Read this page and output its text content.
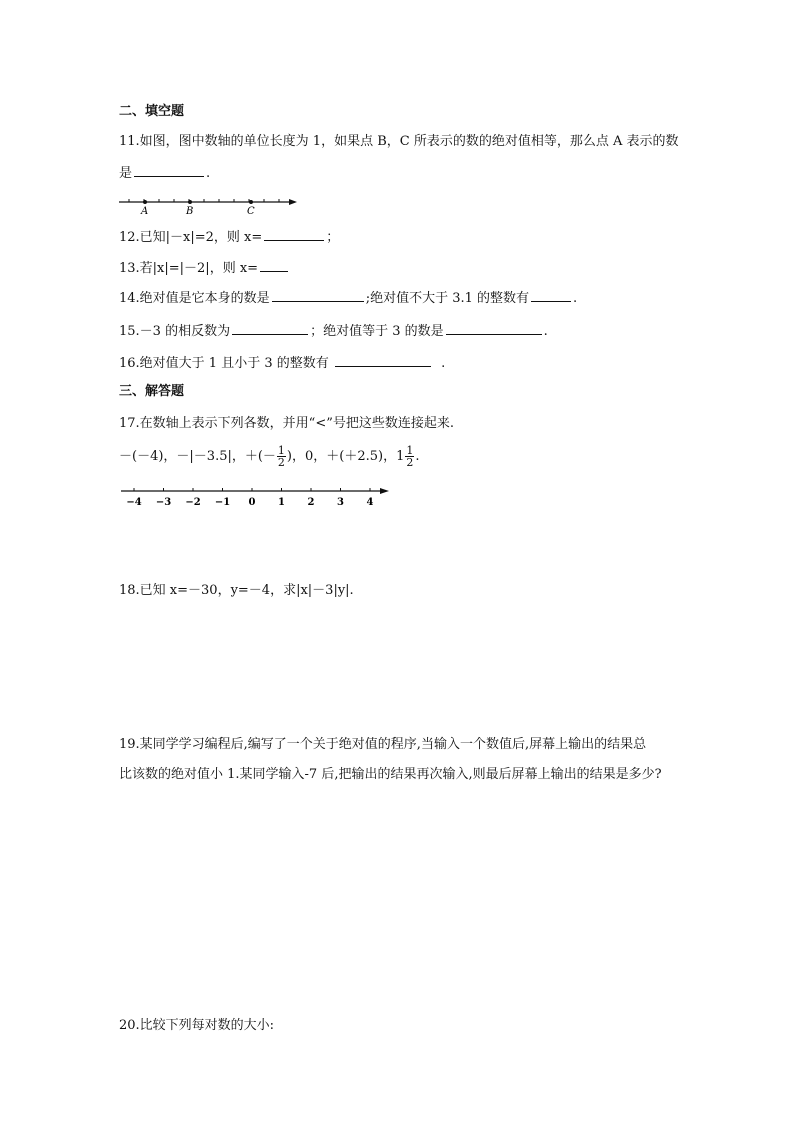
二、填空题
11.如图，图中数轴的单位长度为 1，如果点 B，C 所表示的数的绝对值相等，那么点 A 表示的数
是	.
A	B	C
12.已知|－x|=2，则 x=	；
13.若|x|=|－2|，则 x=
14.绝对值是它本身的数是	;绝对值不大于 3.1 的整数有	.
15.－3 的相反数为	；绝对值等于 3 的数是	.
16.绝对值大于 1 且小于 3 的整数有	.
三、解答题
17.在数轴上表示下列各数，并用“<”号把这些数连接起来.
－(－4)，－|－3.5|，＋(－ $\frac{1}{2}$ )，0，＋(＋2.5)，$1 \frac{1}{2}$ .
−4 −3 −2 −1 0 1 2 3 4
18.已知 x=－30，y=－4，求|x|－3|y|.
19.某同学学习编程后,编写了一个关于绝对值的程序,当输入一个数值后,屏幕上输出的结果总
比该数的绝对值小 1.某同学输入-7 后,把输出的结果再次输入,则最后屏幕上输出的结果是多少?
20.比较下列每对数的大小:
